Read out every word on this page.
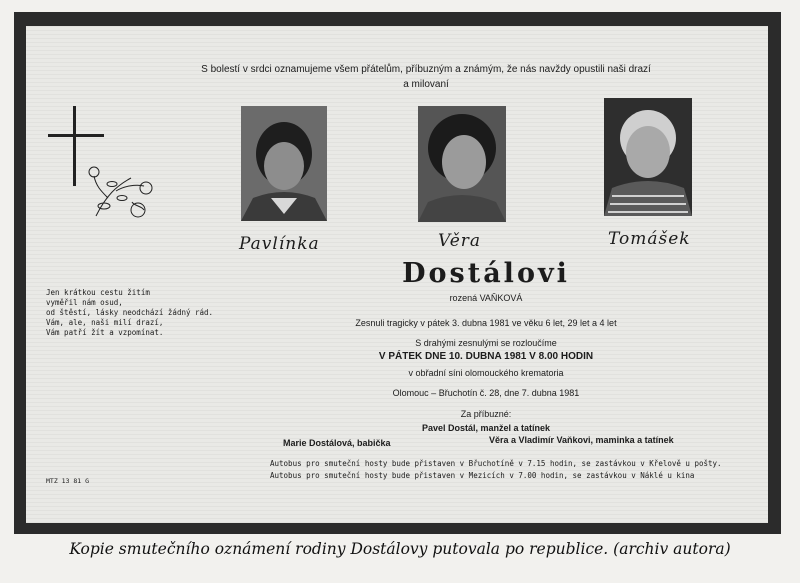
S bolestí v srdci oznamujeme všem přátelům, příbuzným a známým, že nás navždy opustili naši drazí
a milovaní
Pavlínka	Věra	Tomášek
Dostálovi
rozená VAŇKOVÁ
Jen krátkou cestu žitím
vyměřil nám osud,
od štěstí, lásky neodchází žádný rád.
Vám, ale, naši milí drazí,
Vám patří žít a vzpomínat.
Zesnuli tragicky v pátek 3. dubna 1981 ve věku 6 let, 29 let a 4 let
S drahými zesnulými se rozloučíme
V PÁTEK DNE 10. DUBNA 1981 V 8.00 HODIN
v obřadní síni olomouckého krematoria
Olomouc – Břuchotín č. 28, dne 7. dubna 1981
Za příbuzné:
Pavel Dostál, manžel a tatínek
Marie Dostálová, babička	Věra a Vladimír Vaňkovi, maminka a tatínek
Autobus pro smuteční hosty bude přistaven v Břuchotíně v 7.15 hodin, se zastávkou v Křelově u pošty.
Autobus pro smuteční hosty bude přistaven v Mezicích v 7.00 hodin, se zastávkou v Náklé u kina
MTZ 13 81 G
Kopie smutečního oznámení rodiny Dostálovy putovala po republice. (archiv autora)
